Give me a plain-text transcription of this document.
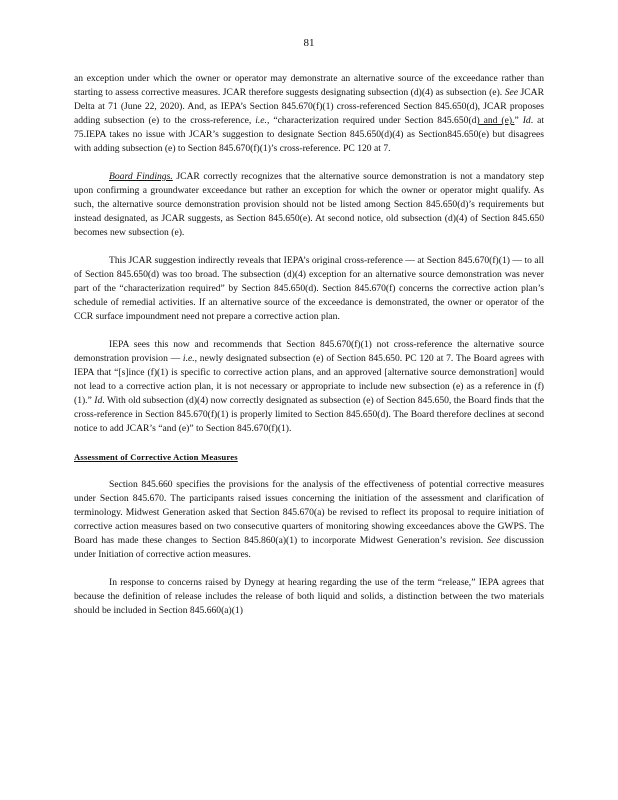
81

an exception under which the owner or operator may demonstrate an alternative source of the exceedance rather than starting to assess corrective measures. JCAR therefore suggests designating subsection (d)(4) as subsection (e). See JCAR Delta at 71 (June 22, 2020). And, as IEPA’s Section 845.670(f)(1) cross-referenced Section 845.650(d), JCAR proposes adding subsection (e) to the cross-reference, i.e., “characterization required under Section 845.650(d) and (e).” Id. at 75.IEPA takes no issue with JCAR’s suggestion to designate Section 845.650(d)(4) as Section845.650(e) but disagrees with adding subsection (e) to Section 845.670(f)(1)’s cross-reference. PC 120 at 7.

Board Findings. JCAR correctly recognizes that the alternative source demonstration is not a mandatory step upon confirming a groundwater exceedance but rather an exception for which the owner or operator might qualify. As such, the alternative source demonstration provision should not be listed among Section 845.650(d)’s requirements but instead designated, as JCAR suggests, as Section 845.650(e). At second notice, old subsection (d)(4) of Section 845.650 becomes new subsection (e).

This JCAR suggestion indirectly reveals that IEPA’s original cross-reference — at Section 845.670(f)(1) — to all of Section 845.650(d) was too broad. The subsection (d)(4) exception for an alternative source demonstration was never part of the “characterization required” by Section 845.650(d). Section 845.670(f) concerns the corrective action plan’s schedule of remedial activities. If an alternative source of the exceedance is demonstrated, the owner or operator of the CCR surface impoundment need not prepare a corrective action plan.

IEPA sees this now and recommends that Section 845.670(f)(1) not cross-reference the alternative source demonstration provision — i.e., newly designated subsection (e) of Section 845.650. PC 120 at 7. The Board agrees with IEPA that “[s]ince (f)(1) is specific to corrective action plans, and an approved [alternative source demonstration] would not lead to a corrective action plan, it is not necessary or appropriate to include new subsection (e) as a reference in (f)(1).” Id. With old subsection (d)(4) now correctly designated as subsection (e) of Section 845.650, the Board finds that the cross-reference in Section 845.670(f)(1) is properly limited to Section 845.650(d). The Board therefore declines at second notice to add JCAR’s “and (e)” to Section 845.670(f)(1).

Assessment of Corrective Action Measures

Section 845.660 specifies the provisions for the analysis of the effectiveness of potential corrective measures under Section 845.670. The participants raised issues concerning the initiation of the assessment and clarification of terminology. Midwest Generation asked that Section 845.670(a) be revised to reflect its proposal to require initiation of corrective action measures based on two consecutive quarters of monitoring showing exceedances above the GWPS. The Board has made these changes to Section 845.860(a)(1) to incorporate Midwest Generation’s revision. See discussion under Initiation of corrective action measures.

In response to concerns raised by Dynegy at hearing regarding the use of the term “release,” IEPA agrees that because the definition of release includes the release of both liquid and solids, a distinction between the two materials should be included in Section 845.660(a)(1)
